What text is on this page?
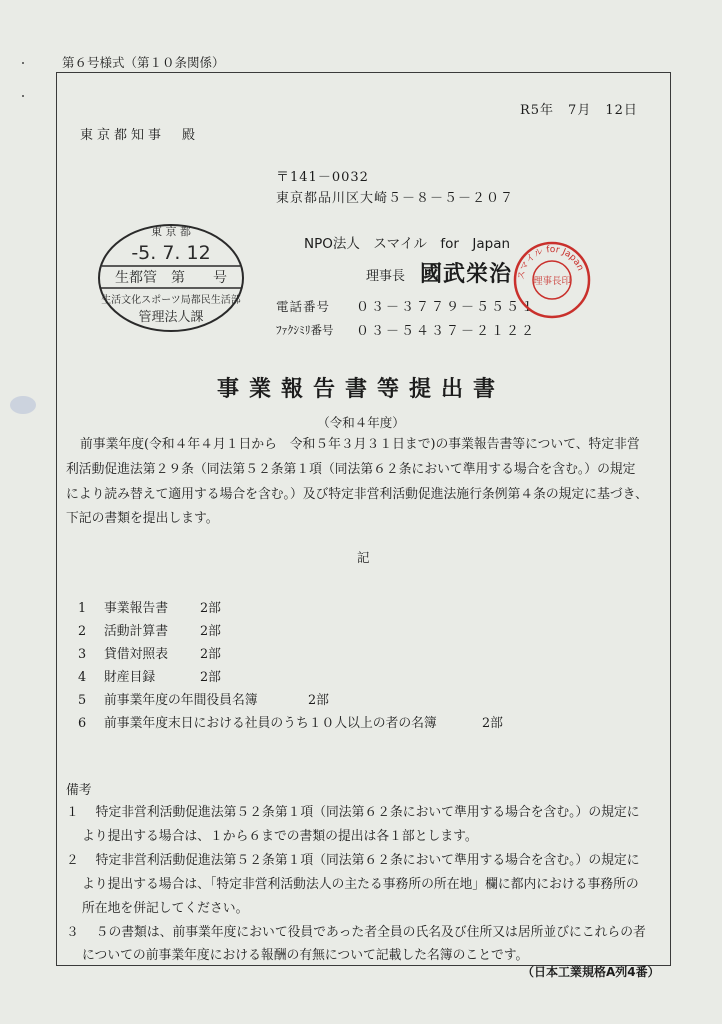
第６号様式（第１０条関係）
R5年　7月　12日
東京都知事　殿
〒141－0032
東京都品川区大崎５－８－５－２０７
NPO法人　スマイル　for　Japan
理事長 國武栄治
電話番号 ０３－３７７９－５５５１
ﾌｧｸｼﾐﾘ番号 ０３－５４３７－２１２２
東 京 都
-5. 7. 12
生都管　第　　号
生活文化スポーツ局都民生活部
管理法人課
スマイル for Japan
理事長印
事業報告書等提出書
（令和４年度）
前事業年度(令和４年４月１日から　令和５年３月３１日まで)の事業報告書等について、特定非営
利活動促進法第２９条（同法第５２条第１項（同法第６２条において準用する場合を含む。）の規定
により読み替えて適用する場合を含む。）及び特定非営利活動促進法施行条例第４条の規定に基づき、
下記の書類を提出します。
記
1 事業報告書	2部
2 活動計算書	2部
3 貸借対照表	2部
4 財産目録	2部
5 前事業年度の年間役員名簿	2部
6 前事業年度末日における社員のうち１０人以上の者の名簿	2部
備考
１　 特定非営利活動促進法第５２条第１項（同法第６２条において準用する場合を含む。）の規定に
より提出する場合は、１から６までの書類の提出は各１部とします。
２　 特定非営利活動促進法第５２条第１項（同法第６２条において準用する場合を含む。）の規定に
より提出する場合は、「特定非営利活動法人の主たる事務所の所在地」欄に都内における事務所の
所在地を併記してください。
３　 ５の書類は、前事業年度において役員であった者全員の氏名及び住所又は居所並びにこれらの者
についての前事業年度における報酬の有無について記載した名簿のことです。
（日本工業規格A列4番）
